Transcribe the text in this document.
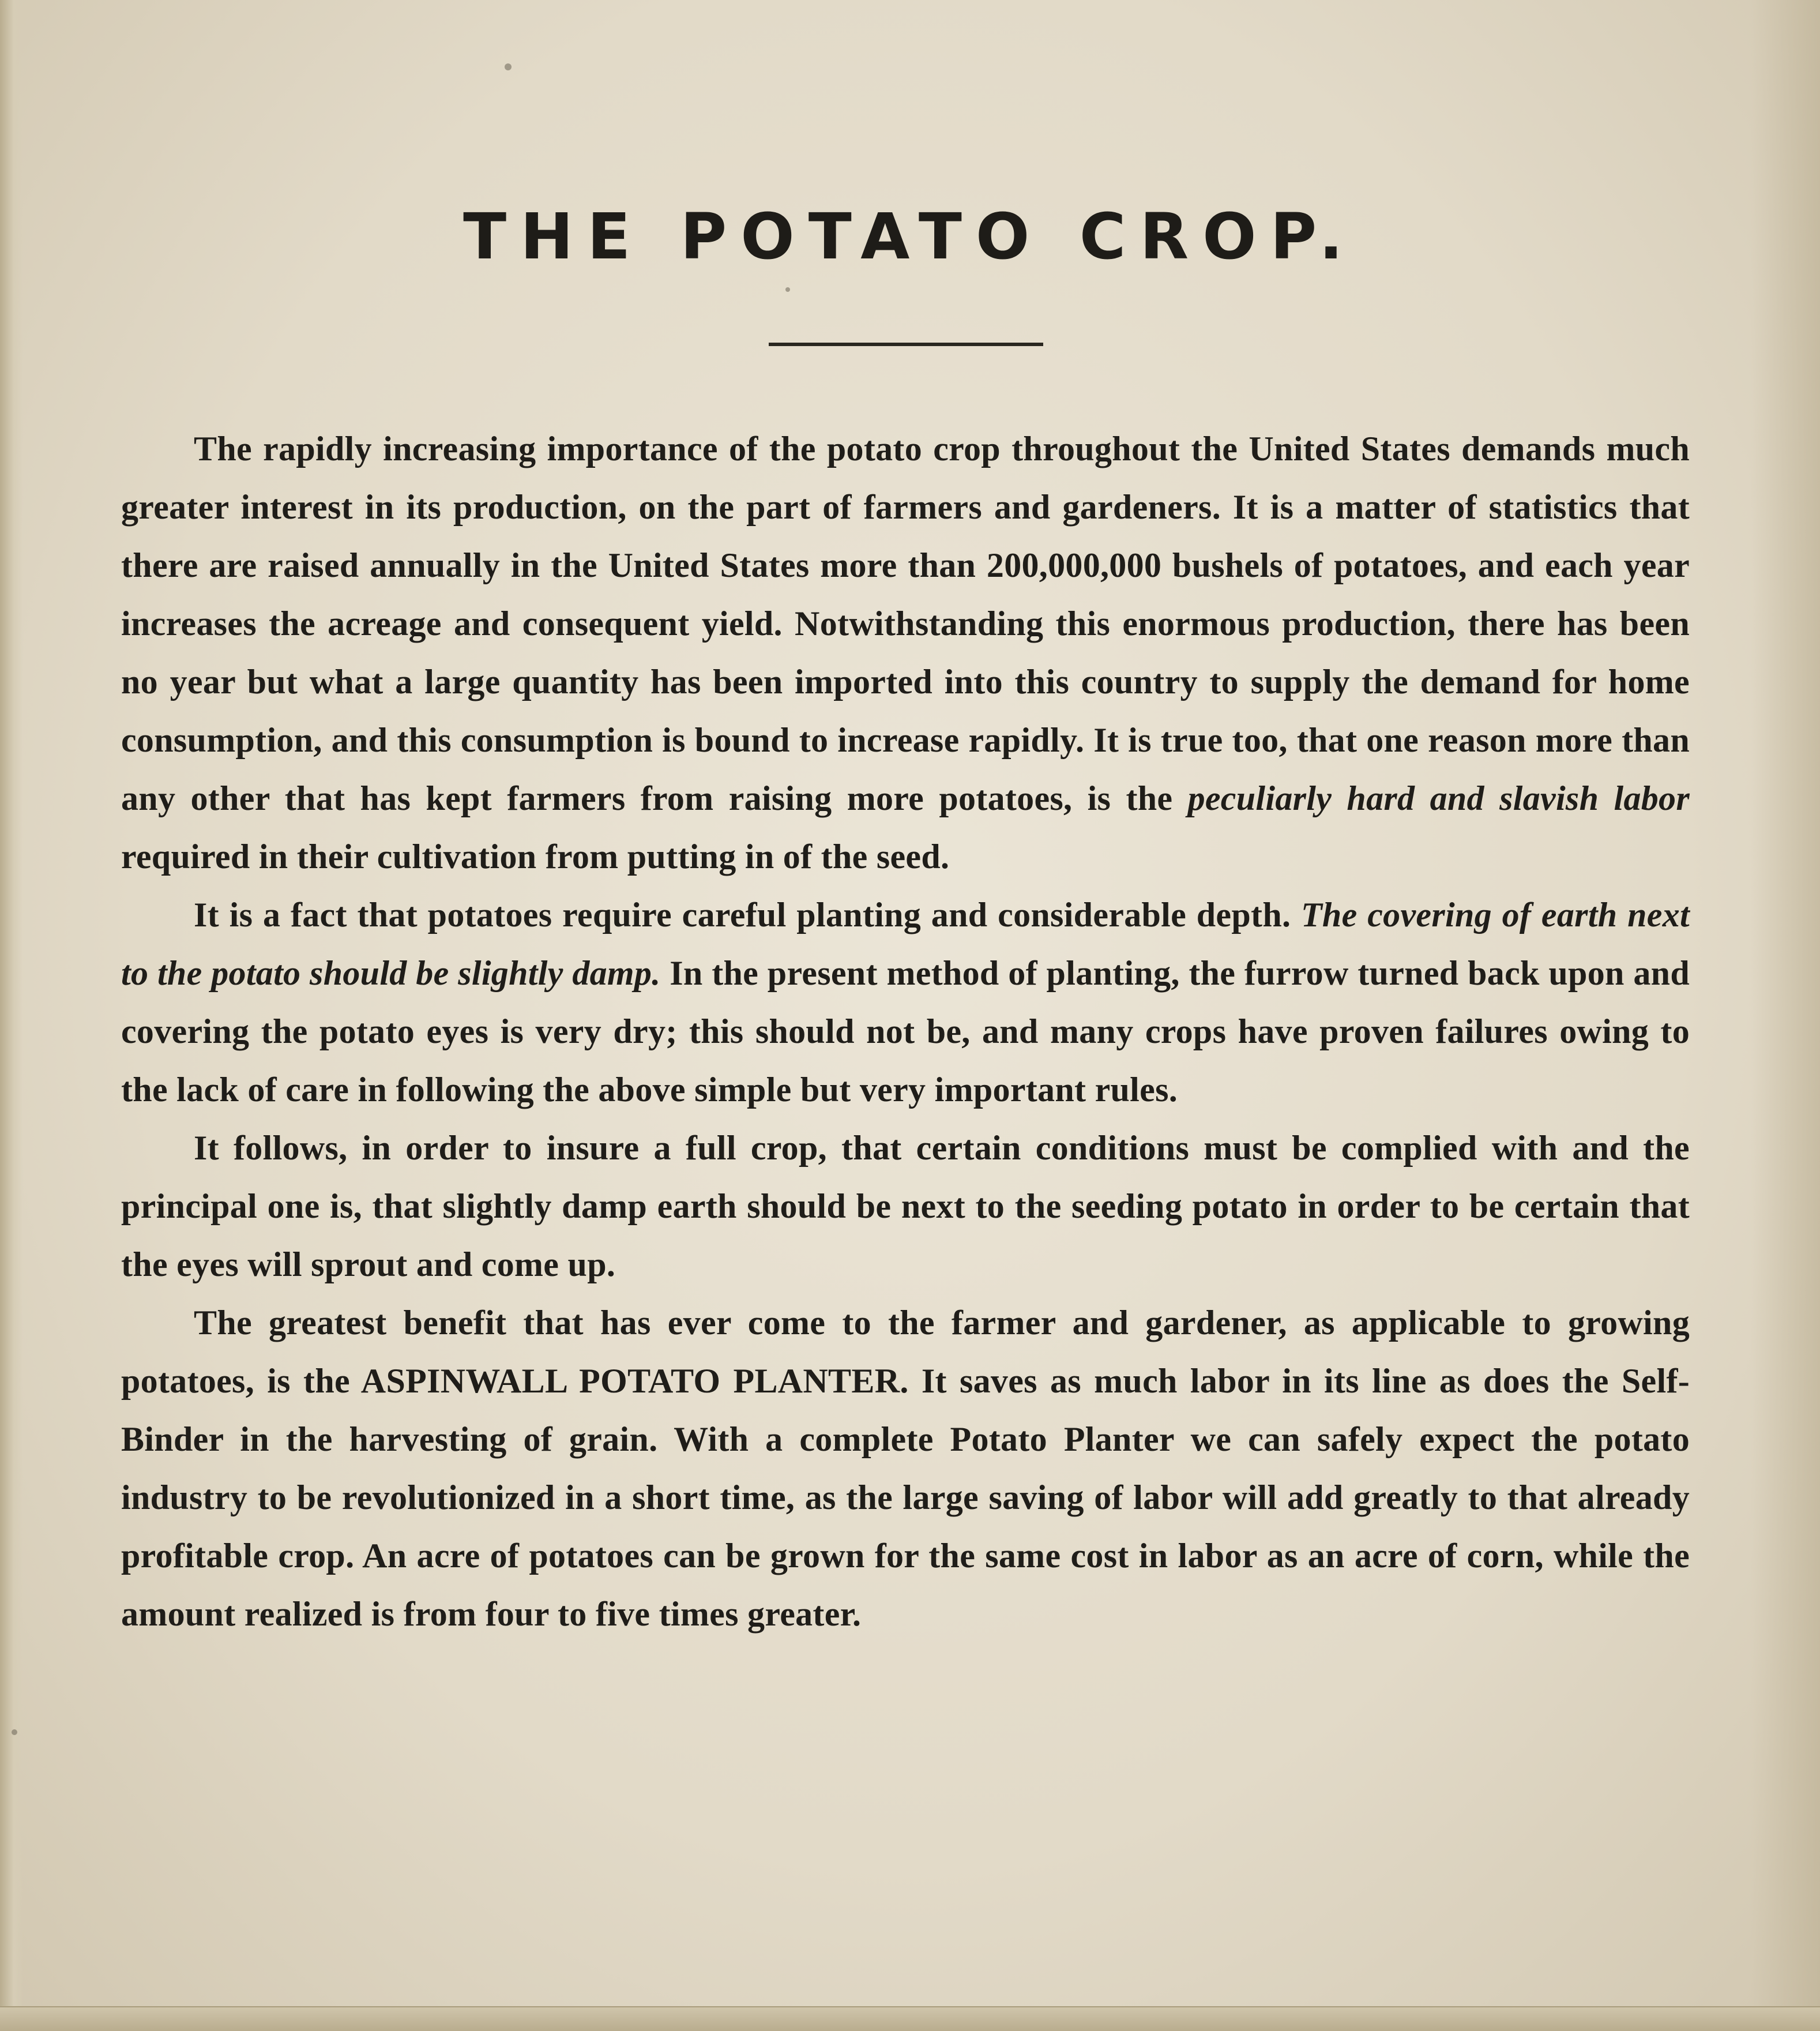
THE POTATO CROP.

The rapidly increasing importance of the potato crop throughout the United States demands much greater interest in its production, on the part of farmers and gardeners. It is a matter of statistics that there are raised annually in the United States more than 200,000,000 bushels of potatoes, and each year increases the acreage and consequent yield. Notwithstanding this enormous production, there has been no year but what a large quantity has been imported into this country to supply the demand for home consumption, and this consumption is bound to increase rapidly. It is true too, that one reason more than any other that has kept farmers from raising more potatoes, is the peculiarly hard and slavish labor required in their cultivation from putting in of the seed.

It is a fact that potatoes require careful planting and considerable depth. The covering of earth next to the potato should be slightly damp. In the present method of planting, the furrow turned back upon and covering the potato eyes is very dry; this should not be, and many crops have proven failures owing to the lack of care in following the above simple but very important rules.

It follows, in order to insure a full crop, that certain conditions must be complied with and the principal one is, that slightly damp earth should be next to the seeding potato in order to be certain that the eyes will sprout and come up.

The greatest benefit that has ever come to the farmer and gardener, as applicable to growing potatoes, is the ASPINWALL POTATO PLANTER. It saves as much labor in its line as does the Self-Binder in the harvesting of grain. With a complete Potato Planter we can safely expect the potato industry to be revolutionized in a short time, as the large saving of labor will add greatly to that already profitable crop. An acre of potatoes can be grown for the same cost in labor as an acre of corn, while the amount realized is from four to five times greater.
